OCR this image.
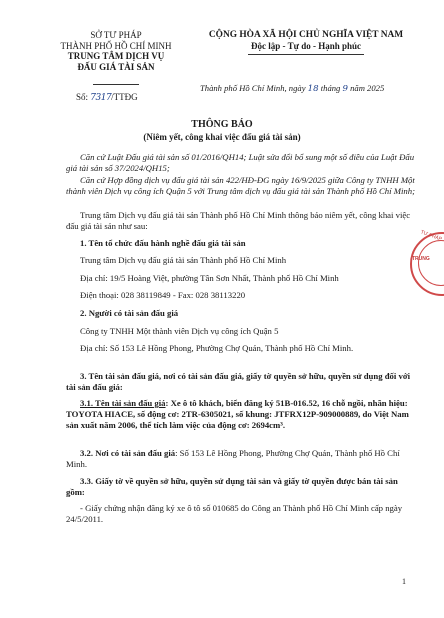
SỞ TƯ PHÁP
THÀNH PHỐ HỒ CHÍ MINH
TRUNG TÂM DỊCH VỤ
ĐẤU GIÁ TÀI SẢN
Số: 7317/TTĐG
CỘNG HÒA XÃ HỘI CHỦ NGHĨA VIỆT NAM
Độc lập - Tự do - Hạnh phúc
Thành phố Hồ Chí Minh, ngày 18 tháng 9 năm 2025
THÔNG BÁO
(Niêm yết, công khai việc đấu giá tài sản)
Căn cứ Luật Đấu giá tài sản số 01/2016/QH14; Luật sửa đổi bổ sung một số điều của Luật Đấu giá tài sản số 37/2024/QH15;
Căn cứ Hợp đồng dịch vụ đấu giá tài sản 422/HĐ-ĐG ngày 16/9/2025 giữa Công ty TNHH Một thành viên Dịch vụ công ích Quận 5 với Trung tâm dịch vụ đấu giá tài sản Thành phố Hồ Chí Minh;
Trung tâm Dịch vụ đấu giá tài sản Thành phố Hồ Chí Minh thông báo niêm yết, công khai việc đấu giá tài sản như sau:
1. Tên tổ chức đấu hành nghề đấu giá tài sản
Trung tâm Dịch vụ đấu giá tài sản Thành phố Hồ Chí Minh
Địa chỉ: 19/5 Hoàng Việt, phường Tân Sơn Nhất, Thành phố Hồ Chí Minh
Điện thoại: 028 38119849 - Fax: 028 38113220
2. Người có tài sản đấu giá
Công ty TNHH Một thành viên Dịch vụ công ích Quận 5
Địa chỉ: Số 153 Lê Hồng Phong, Phường Chợ Quán, Thành phố Hồ Chí Minh.
3. Tên tài sản đấu giá, nơi có tài sản đấu giá, giấy tờ quyền sở hữu, quyền sử dụng đối với tài sản đấu giá:
3.1. Tên tài sản đấu giá: Xe ô tô khách, biển đăng ký 51B-016.52, 16 chỗ ngồi, nhãn hiệu: TOYOTA HIACE, số động cơ: 2TR-6305021, số khung: JTFRX12P-909000889, do Việt Nam sản xuất năm 2006, thể tích làm việc của động cơ: 2694cm³.
3.2. Nơi có tài sản đấu giá: Số 153 Lê Hồng Phong, Phường Chợ Quán, Thành phố Hồ Chí Minh.
3.3. Giấy tờ về quyền sở hữu, quyền sử dụng tài sản và giấy tờ quyền được bán tài sản gồm:
- Giấy chứng nhận đăng ký xe ô tô số 010685 do Công an Thành phố Hồ Chí Minh cấp ngày 24/5/2011.
TƯ PHÁP
TRUNG
1
